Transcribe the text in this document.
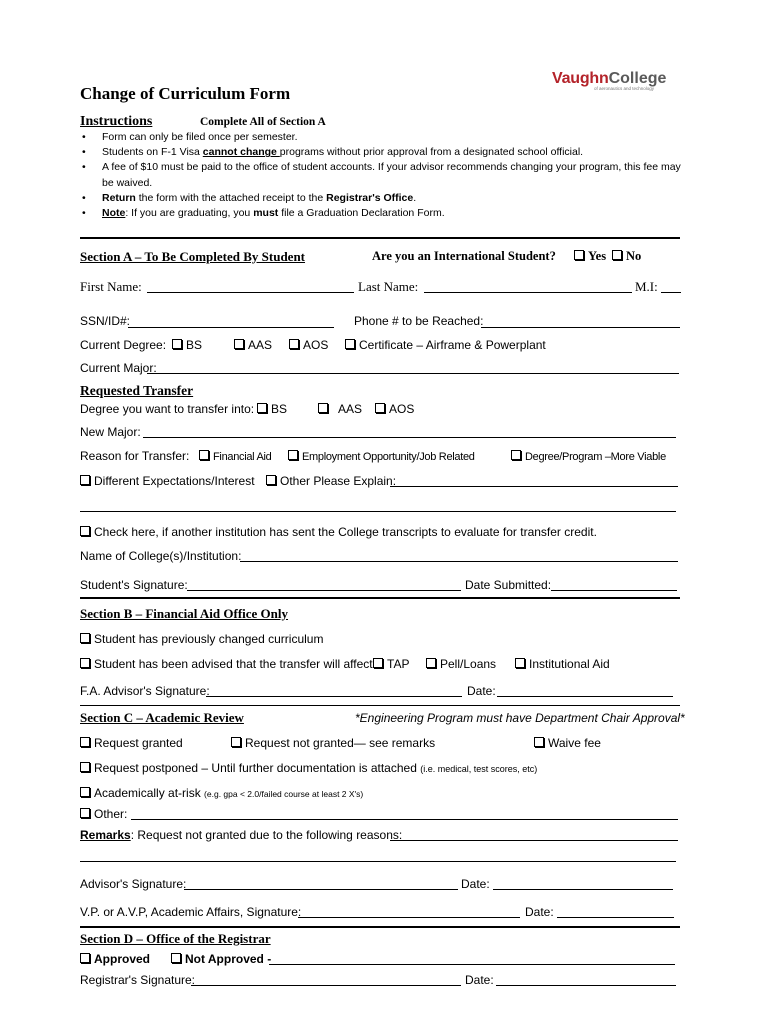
VaughnCollege
of aeronautics and technology
Change of Curriculum Form
Instructions	Complete All of Section A
• Form can only be filed once per semester.
• Students on F-1 Visa cannot change programs without prior approval from a designated school official.
• A fee of $10 must be paid to the office of student accounts. If your advisor recommends changing your program, this fee may be waived.
• Return the form with the attached receipt to the Registrar's Office.
• Note: If you are graduating, you must file a Graduation Declaration Form.
Section A – To Be Completed By Student	Are you an International Student?	Yes	No
First Name:	Last Name:	M.I:
SSN/ID#:	Phone # to be Reached:
Current Degree:	BS	AAS	AOS	Certificate – Airframe & Powerplant
Current Major:
Requested Transfer
Degree you want to transfer into:	BS	AAS	AOS
New Major:
Reason for Transfer:	Financial Aid	Employment Opportunity/Job Related	Degree/Program –More Viable
Different Expectations/Interest	Other Please Explain:
Check here, if another institution has sent the College transcripts to evaluate for transfer credit.
Name of College(s)/Institution:
Student's Signature:	Date Submitted:
Section B – Financial Aid Office Only
Student has previously changed curriculum
Student has been advised that the transfer will affect	TAP	Pell/Loans	Institutional Aid
F.A. Advisor's Signature:	Date:
Section C – Academic Review	*Engineering Program must have Department Chair Approval*
Request granted	Request not granted— see remarks	Waive fee
Request postponed – Until further documentation is attached (i.e. medical, test scores, etc)
Academically at-risk (e.g. gpa < 2.0/failed course at least 2 X's)
Other:
Remarks: Request not granted due to the following reasons:
Advisor's Signature:	Date:
V.P. or A.V.P, Academic Affairs, Signature:	Date:
Section D – Office of the Registrar
Approved	Not Approved -
Registrar's Signature:	Date:
